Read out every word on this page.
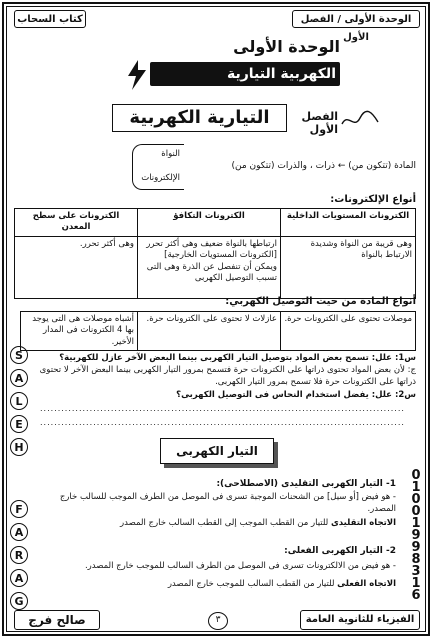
الوحدة الأولى / الفصل الأول
كتاب السحاب
الوحدة الأولى
الكهربية التيارية والكهرومغناطيسية
الفصل الأول
التيارية الكهربية
المادة (تتكون من) ← ذرات ، والذرات (تتكون من)
النواة
الإلكترونات
أنواع الإلكترونات:
الكترونات المستويات الداخلية	الكترونات التكافؤ	الكترونات على سطح المعدن
وهى قريبة من النواة وشديدة الارتباط بالنواة	ارتباطها بالنواة ضعيف وهى أكثر تحرر [الكترونات المستويات الخارجية] ويمكن أن تنفصل عن الذرة وهى التى تسبب التوصيل الكهربى	وهى أكثر تحرر.
أنواع المادة من حيث التوصيل الكهربي:
موصلات تحتوى على الكترونات حرة.	عازلات لا تحتوى على الكترونات حرة.	أشباه موصلات هى التى يوجد بها 4 الكترونات فى المدار الأخير.
س1: علل: تسمح بعض المواد بتوصيل التيار الكهربى بينما البعض الآخر عازل للكهربية؟
ج: لأن بعض المواد تحتوى ذراتها على الكترونات حرة فتسمح بمرور التيار الكهربى بينما البعض الآخر لا تحتوى ذراتها على الكترونات حرة فلا تسمح بمرور التيار الكهربى.
س2: علل: يفضل استخدام النحاس فى التوصيل الكهربى؟
.......................................................................................................
.......................................................................................................
التيار الكهربى
1- التيار الكهربى التقليدى (الاصطلاحى):
- هو فيض [أو سيل] من الشحنات الموجبة تسرى فى الموصل من الطرف الموجب للسالب خارج المصدر.
الاتجاه التقليدى للتيار من القطب الموجب إلى القطب السالب خارج المصدر
2- التيار الكهربى الفعلى:
- هو فيض من الالكترونات تسرى فى الموصل من الطرف السالب للموجب خارج المصدر.
الاتجاه الفعلى للتيار من القطب السالب للموجب خارج المصدر
S
A
L
E
H
F
A
R
A
G
0
1
0
0
1
9
9
8
3
1
6
الفيزياء للثانوية العامة
صالح فرج	٣
